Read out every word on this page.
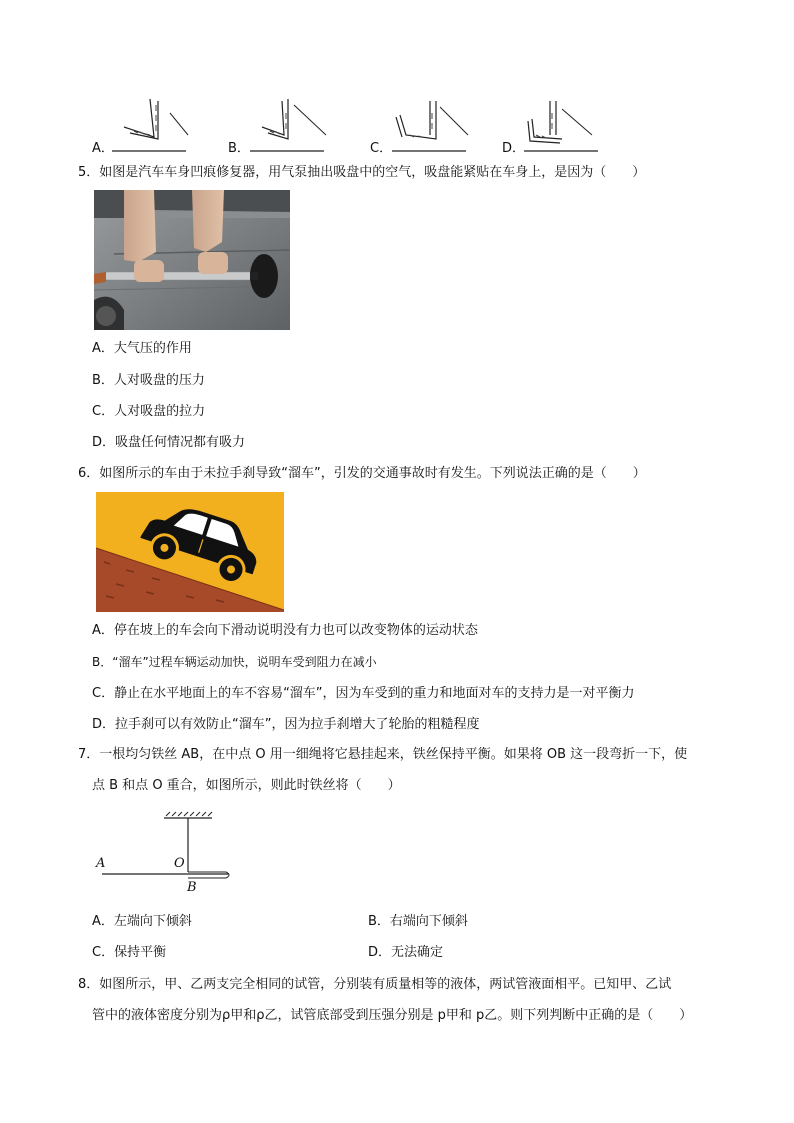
A．	B．	C．	D．
5．如图是汽车车身凹痕修复器，用气泵抽出吸盘中的空气，吸盘能紧贴在车身上，是因为（　　）
A．大气压的作用
B．人对吸盘的压力
C．人对吸盘的拉力
D．吸盘任何情况都有吸力
6．如图所示的车由于未拉手刹导致“溜车”，引发的交通事故时有发生。下列说法正确的是（　　）
A．停在坡上的车会向下滑动说明没有力也可以改变物体的运动状态
B．“溜车”过程车辆运动加快，说明车受到阻力在减小
C．静止在水平地面上的车不容易“溜车”，因为车受到的重力和地面对车的支持力是一对平衡力
D．拉手刹可以有效防止“溜车”，因为拉手刹增大了轮胎的粗糙程度
7．一根均匀铁丝 AB，在中点 O 用一细绳将它悬挂起来，铁丝保持平衡。如果将 OB 这一段弯折一下，使
点 B 和点 O 重合，如图所示，则此时铁丝将（　　）
A	O
B
A．左端向下倾斜	B．右端向下倾斜
C．保持平衡	D．无法确定
8．如图所示，甲、乙两支完全相同的试管，分别装有质量相等的液体，两试管液面相平。已知甲、乙试
管中的液体密度分别为ρ甲和ρ乙，试管底部受到压强分别是 p甲和 p乙。则下列判断中正确的是（　　）
